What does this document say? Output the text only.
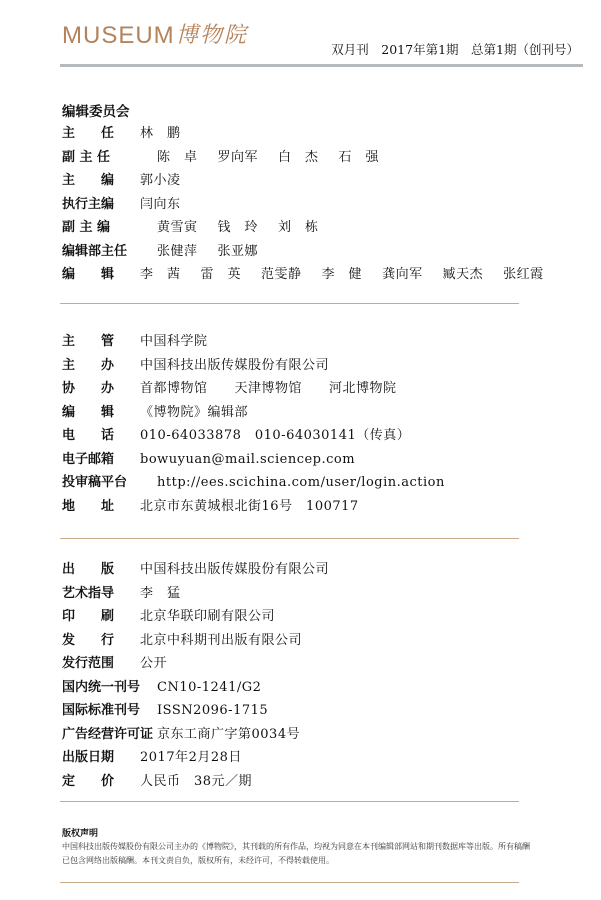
MUSEUM 博物院
双月刊　2017年第1期　总第1期（创刊号）
编辑委员会
主　　任	林　鹏
副 主 任	陈　卓 罗向军 白　杰 石　强
主　　编	郭小凌
执行主编	闫向东
副 主 编	黄雪寅 钱　玲 刘　栋
编辑部主任	张健萍 张亚娜
编　　辑	李　茜 雷　英 范雯静 李　健 龚向军 臧天杰 张红霞
主　　管	中国科学院
主　　办	中国科技出版传媒股份有限公司
协　　办	首都博物馆　　天津博物馆　　河北博物院
编　　辑	《博物院》编辑部
电　　话	010-64033878　010-64030141（传真）
电子邮箱	bowuyuan@mail.sciencep.com
投审稿平台	http://ees.scichina.com/user/login.action
地　　址	北京市东黄城根北街16号　100717
出　　版	中国科技出版传媒股份有限公司
艺术指导	李　猛
印　　刷	北京华联印刷有限公司
发　　行	北京中科期刊出版有限公司
发行范围	公开
国内统一刊号	CN10-1241/G2
国际标准刊号	ISSN2096-1715
广告经营许可证 京东工商广字第0034号
出版日期	2017年2月28日
定　　价	人民币　38元／期
版权声明
中国科技出版传媒股份有限公司主办的《博物院》，其刊载的所有作品，均视为同意在本刊编辑部网站和期刊数据库等出版。所有稿酬已包含网络出版稿酬。本刊文责自负，版权所有，未经许可，不得转载使用。
